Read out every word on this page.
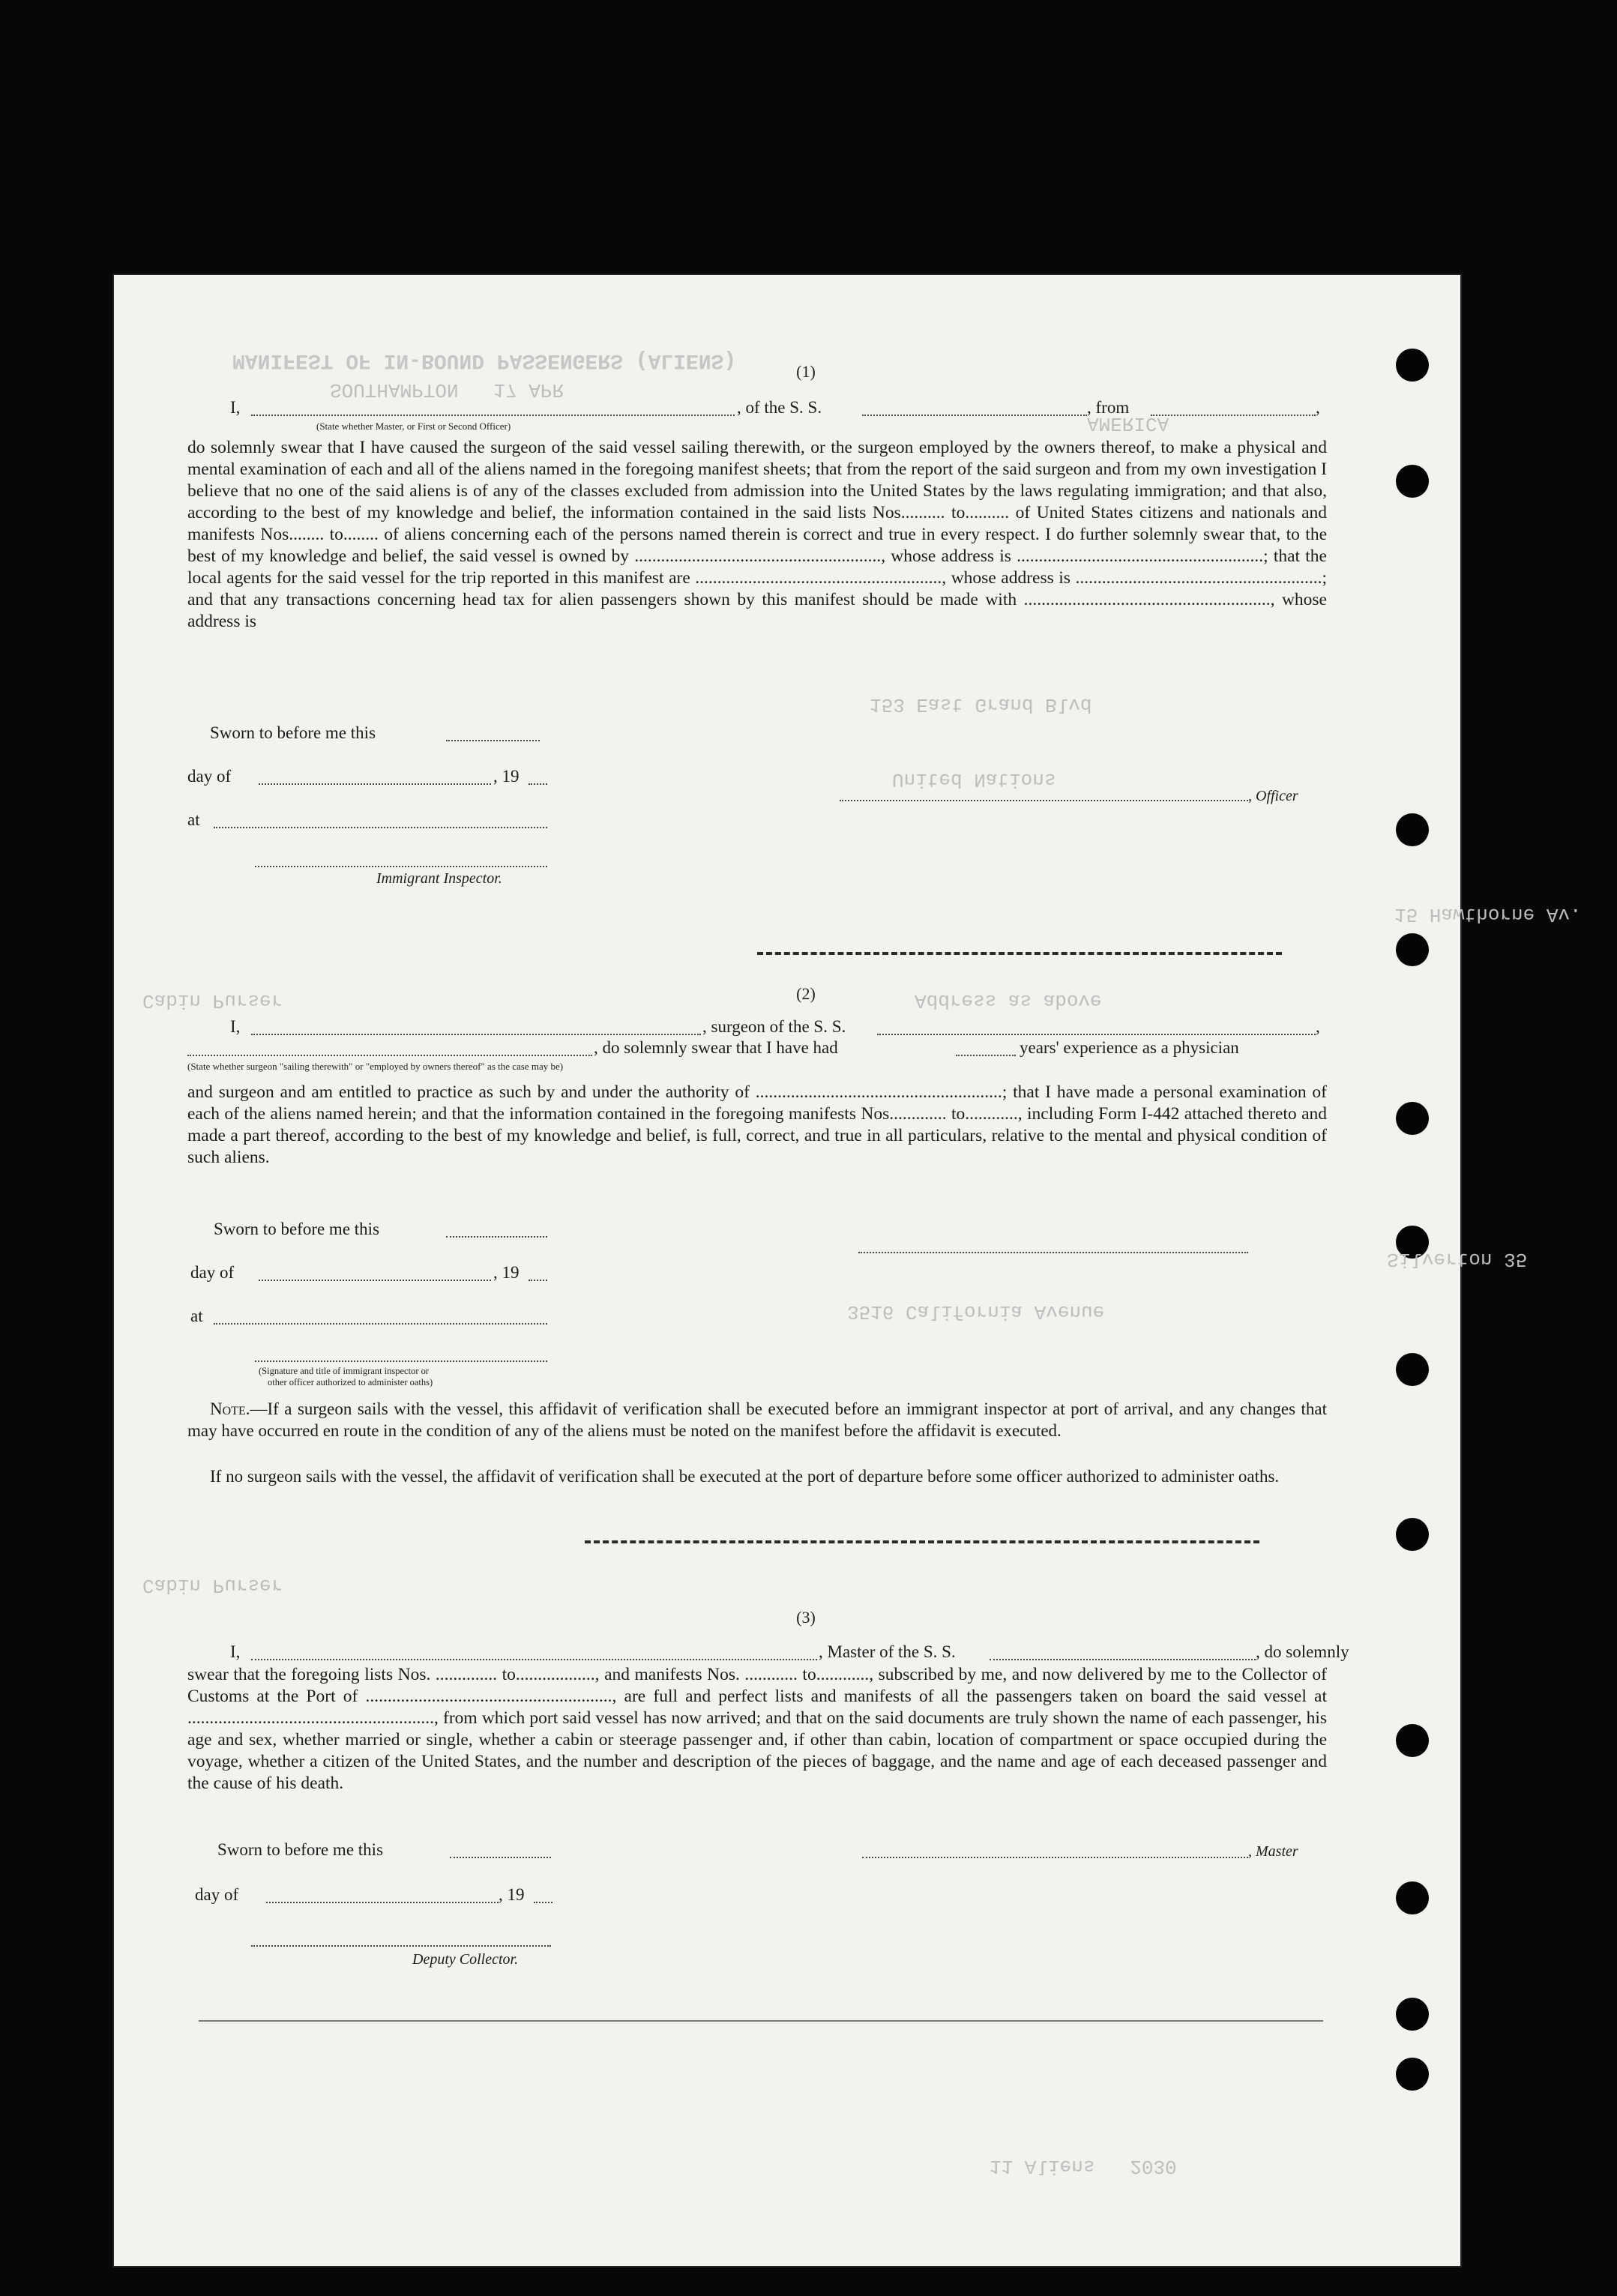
MANIFEST OF IN-BOUND PASSENGERS (ALIENS)
SOUTHAMPTON   17 APR
AMERICA
153 East Grand Blvd
United Nations
15 Hawthorne Av.
Cabin Purser	Address as above
Silverton 35
3516 California Avenue
Cabin Purser
11 Aliens   2030
(1)
I,	, of the S. S.	, from	,
(State whether Master, or First or Second Officer)
do solemnly swear that I have caused the surgeon of the said vessel sailing therewith, or the surgeon employed by the owners thereof, to make a physical and mental examination of each and all of the aliens named in the foregoing manifest sheets; that from the report of the said surgeon and from my own investigation I believe that no one of the said aliens is of any of the classes excluded from admission into the United States by the laws regulating immigration; and that also, according to the best of my knowledge and belief, the information contained in the said lists Nos.......... to.......... of United States citizens and nationals and manifests Nos........ to........ of aliens concerning each of the persons named therein is correct and true in every respect. I do further solemnly swear that, to the best of my knowledge and belief, the said vessel is owned by ........................................................, whose address is ........................................................; that the local agents for the said vessel for the trip reported in this manifest are ........................................................, whose address is ........................................................; and that any transactions concerning head tax for alien passengers shown by this manifest should be made with ........................................................, whose address is
Sworn to before me this
day of	, 19
, Officer
at
Immigrant Inspector.
(2)
I,	, surgeon of the S. S.	,
, do solemnly swear that I have had	years' experience as a physician
(State whether surgeon "sailing therewith" or "employed by owners thereof" as the case may be)
and surgeon and am entitled to practice as such by and under the authority of ........................................................; that I have made a personal examination of each of the aliens named herein; and that the information contained in the foregoing manifests Nos............. to............, including Form I-442 attached thereto and made a part thereof, according to the best of my knowledge and belief, is full, correct, and true in all particulars, relative to the mental and physical condition of such aliens.
Sworn to before me this
day of	, 19
at
(Signature and title of immigrant inspector or
other officer authorized to administer oaths)
Note.—If a surgeon sails with the vessel, this affidavit of verification shall be executed before an immigrant inspector at port of arrival, and any changes that may have occurred en route in the condition of any of the aliens must be noted on the manifest before the affidavit is executed.
If no surgeon sails with the vessel, the affidavit of verification shall be executed at the port of departure before some officer authorized to administer oaths.
(3)
I,	, Master of the S. S.	, do solemnly
swear that the foregoing lists Nos. .............. to.................., and manifests Nos. ............ to............, subscribed by me, and now delivered by me to the Collector of Customs at the Port of ........................................................, are full and perfect lists and manifests of all the passengers taken on board the said vessel at ........................................................, from which port said vessel has now arrived; and that on the said documents are truly shown the name of each passenger, his age and sex, whether married or single, whether a cabin or steerage passenger and, if other than cabin, location of compartment or space occupied during the voyage, whether a citizen of the United States, and the number and description of the pieces of baggage, and the name and age of each deceased passenger and the cause of his death.
Sworn to before me this	, Master
day of	, 19
Deputy Collector.
